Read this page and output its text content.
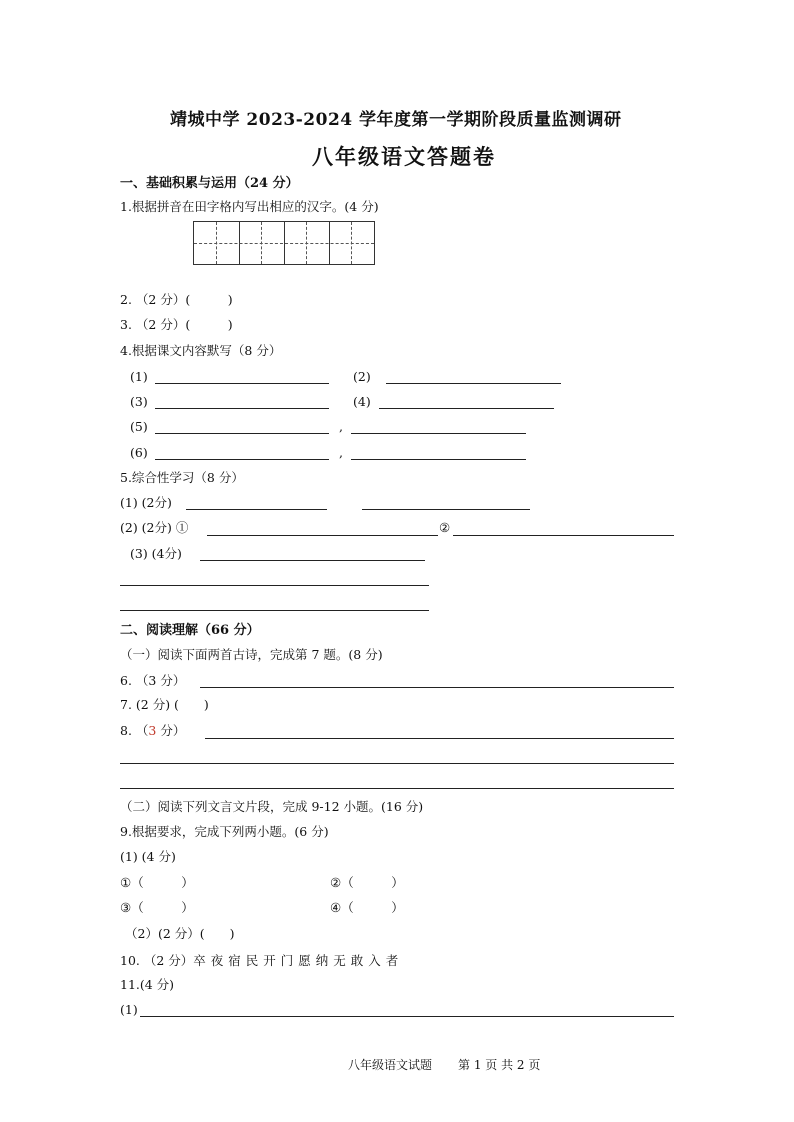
靖城中学 2023-2024 学年度第一学期阶段质量监测调研
八年级语文答题卷
一、基础积累与运用（24 分）
1.根据拼音在田字格内写出相应的汉字。(4 分)
2. （2 分）(　　　)
3. （2 分）(　　　)
4.根据课文内容默写（8 分）
(1)	(2)
(3)	(4)
(5)	,
(6)	,
5.综合性学习（8 分）
(1) (2分)
(2) (2分) ①	②
(3) (4分)
二、阅读理解（66 分）
（一）阅读下面两首古诗，完成第 7 题。(8 分)
6. （3 分）
7. (2 分) (　　)
8. （3 分）
（二）阅读下列文言文片段，完成 9-12 小题。(16 分)
9.根据要求，完成下列两小题。(6 分)
(1) (4 分)
①（　　　）	②（　　　）
③（　　　）	④（　　　）
（2）(2 分）(　　)
10. （2 分）卒夜宿民开门愿纳无敢入者
11.(4 分)
(1)
八年级语文试题 第 1 页 共 2 页
